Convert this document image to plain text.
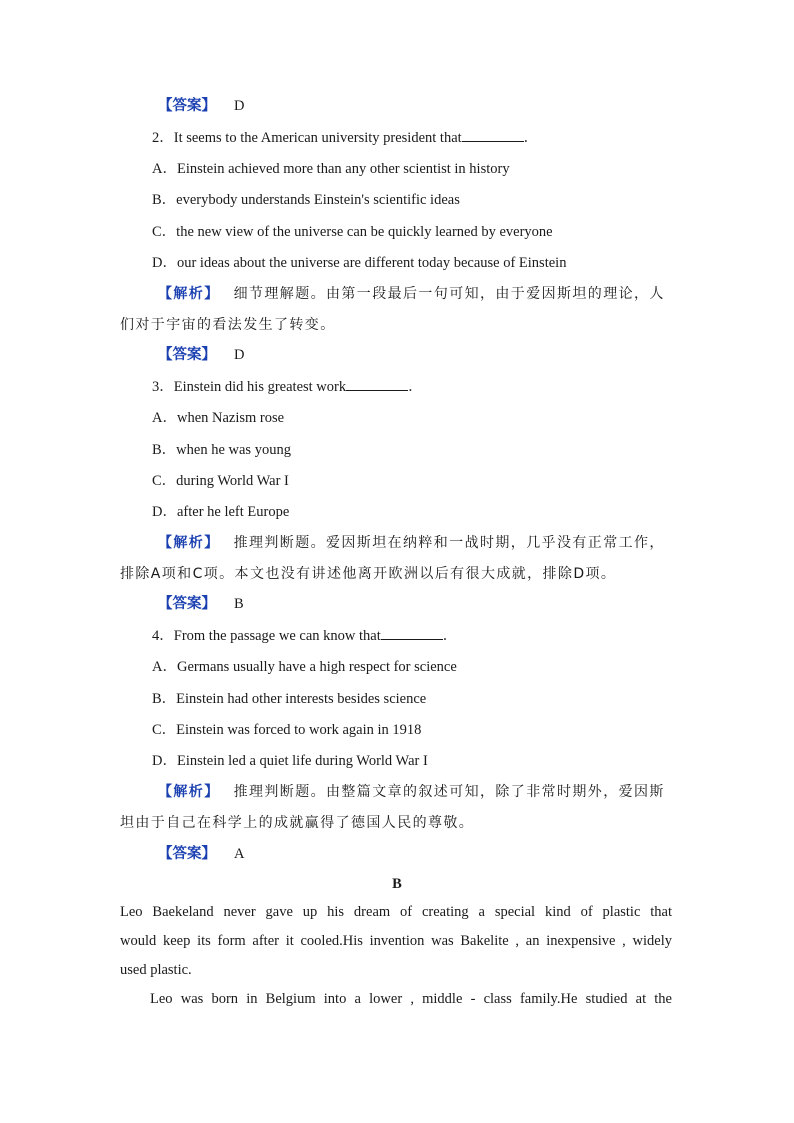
【答案】 D
2．It seems to the American university president that	．
A．Einstein achieved more than any other scientist in history
B．everybody understands Einstein's scientific ideas
C．the new view of the universe can be quickly learned by everyone
D．our ideas about the universe are different today because of Einstein
【解析】 细节理解题。由第一段最后一句可知，由于爱因斯坦的理论，人
们对于宇宙的看法发生了转变。
【答案】 D
3．Einstein did his greatest work	．
A．when Nazism rose
B．when he was young
C．during World War I
D．after he left Europe
【解析】 推理判断题。爱因斯坦在纳粹和一战时期，几乎没有正常工作，
排除A项和C项。本文也没有讲述他离开欧洲以后有很大成就，排除D项。
【答案】 B
4．From the passage we can know that	．
A．Germans usually have a high respect for science
B．Einstein had other interests besides science
C．Einstein was forced to work again in 1918
D．Einstein led a quiet life during World War I
【解析】 推理判断题。由整篇文章的叙述可知，除了非常时期外，爱因斯
坦由于自己在科学上的成就赢得了德国人民的尊敬。
【答案】 A
B
Leo Baekeland never gave up his dream of creating a special kind of plastic that
would keep its form after it cooled.His invention was Bakelite , an inexpensive , widely
used plastic.
Leo was born in Belgium into a lower , middle - class family.He studied at the
